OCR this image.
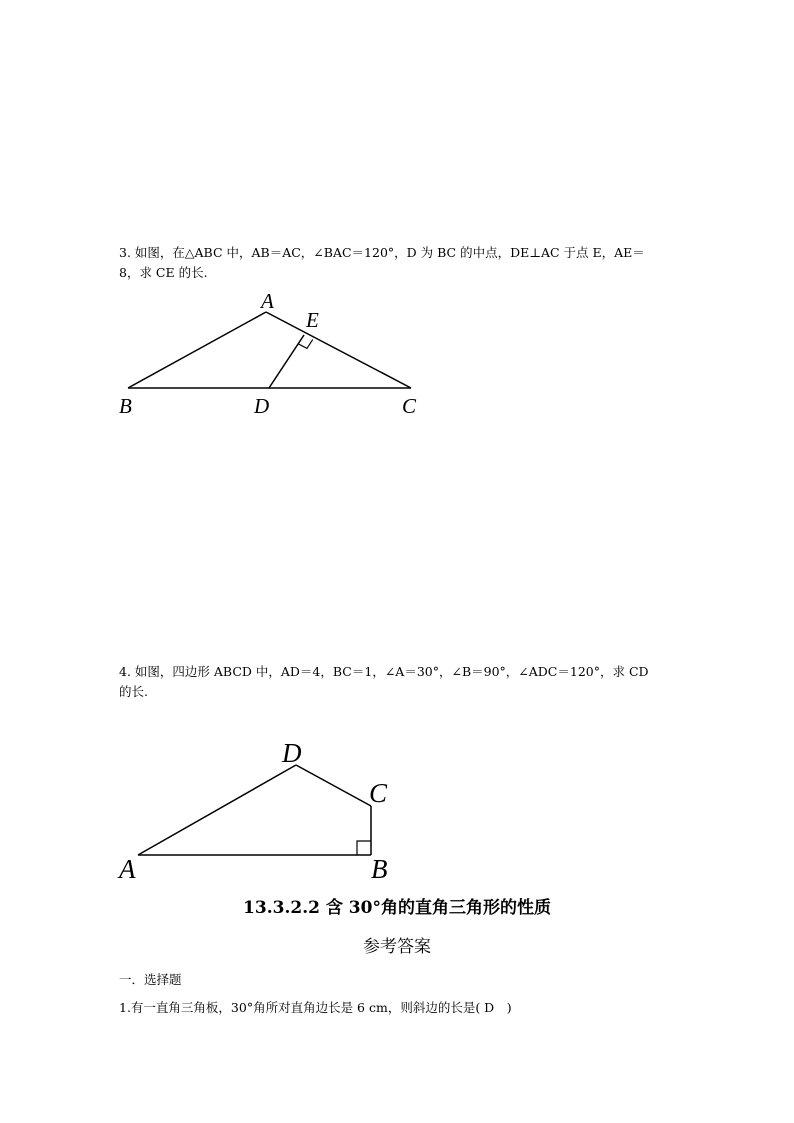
3. 如图，在△ABC 中，AB＝AC，∠BAC＝120°，D 为 BC 的中点，DE⊥AC 于点 E，AE＝
8，求 CE 的长.
A
E
B	D	C
4. 如图，四边形 ABCD 中，AD＝4，BC＝1，∠A＝30°，∠B＝90°，∠ADC＝120°，求 CD
的长.
D
C
A	B
13.3.2.2 含 30°角的直角三角形的性质
参考答案
一．选择题
1.有一直角三角板，30°角所对直角边长是 6 cm，则斜边的长是( D　)
